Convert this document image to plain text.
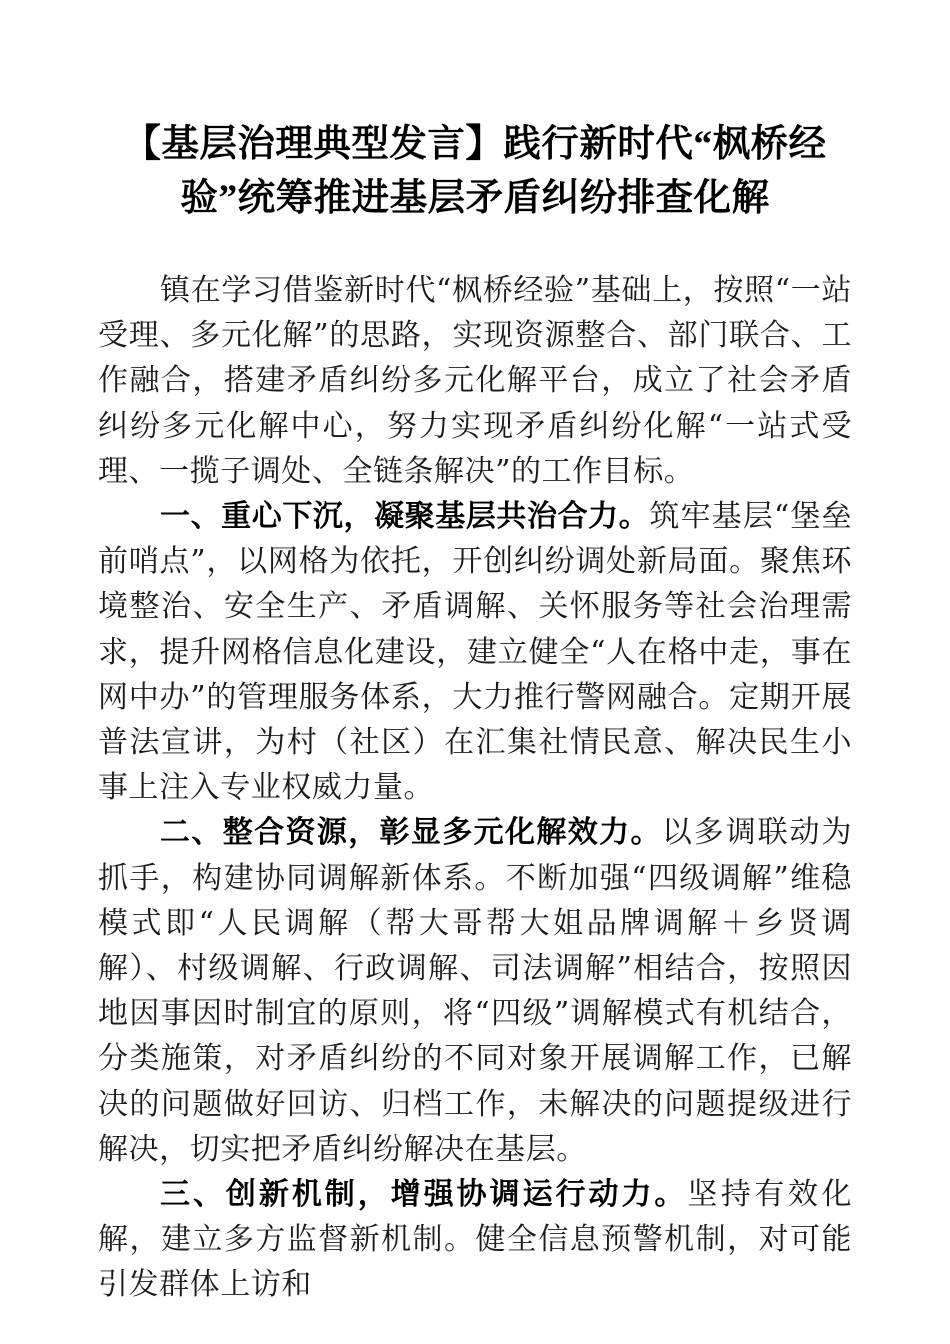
【基层治理典型发言】践行新时代“枫桥经验”统筹推进基层矛盾纠纷排查化解

镇在学习借鉴新时代“枫桥经验”基础上，按照“一站受理、多元化解”的思路，实现资源整合、部门联合、工作融合，搭建矛盾纠纷多元化解平台，成立了社会矛盾纠纷多元化解中心，努力实现矛盾纠纷化解“一站式受理、一揽子调处、全链条解决”的工作目标。

一、重心下沉，凝聚基层共治合力。筑牢基层“堡垒前哨点”，以网格为依托，开创纠纷调处新局面。聚焦环境整治、安全生产、矛盾调解、关怀服务等社会治理需求，提升网格信息化建设，建立健全“人在格中走，事在网中办”的管理服务体系，大力推行警网融合。定期开展普法宣讲，为村（社区）在汇集社情民意、解决民生小事上注入专业权威力量。

二、整合资源，彰显多元化解效力。以多调联动为抓手，构建协同调解新体系。不断加强“四级调解”维稳模式即“人民调解（帮大哥帮大姐品牌调解＋乡贤调解）、村级调解、行政调解、司法调解”相结合，按照因地因事因时制宜的原则，将“四级”调解模式有机结合，分类施策，对矛盾纠纷的不同对象开展调解工作，已解决的问题做好回访、归档工作，未解决的问题提级进行解决，切实把矛盾纠纷解决在基层。

三、创新机制，增强协调运行动力。坚持有效化解，建立多方监督新机制。健全信息预警机制，对可能引发群体上访和
